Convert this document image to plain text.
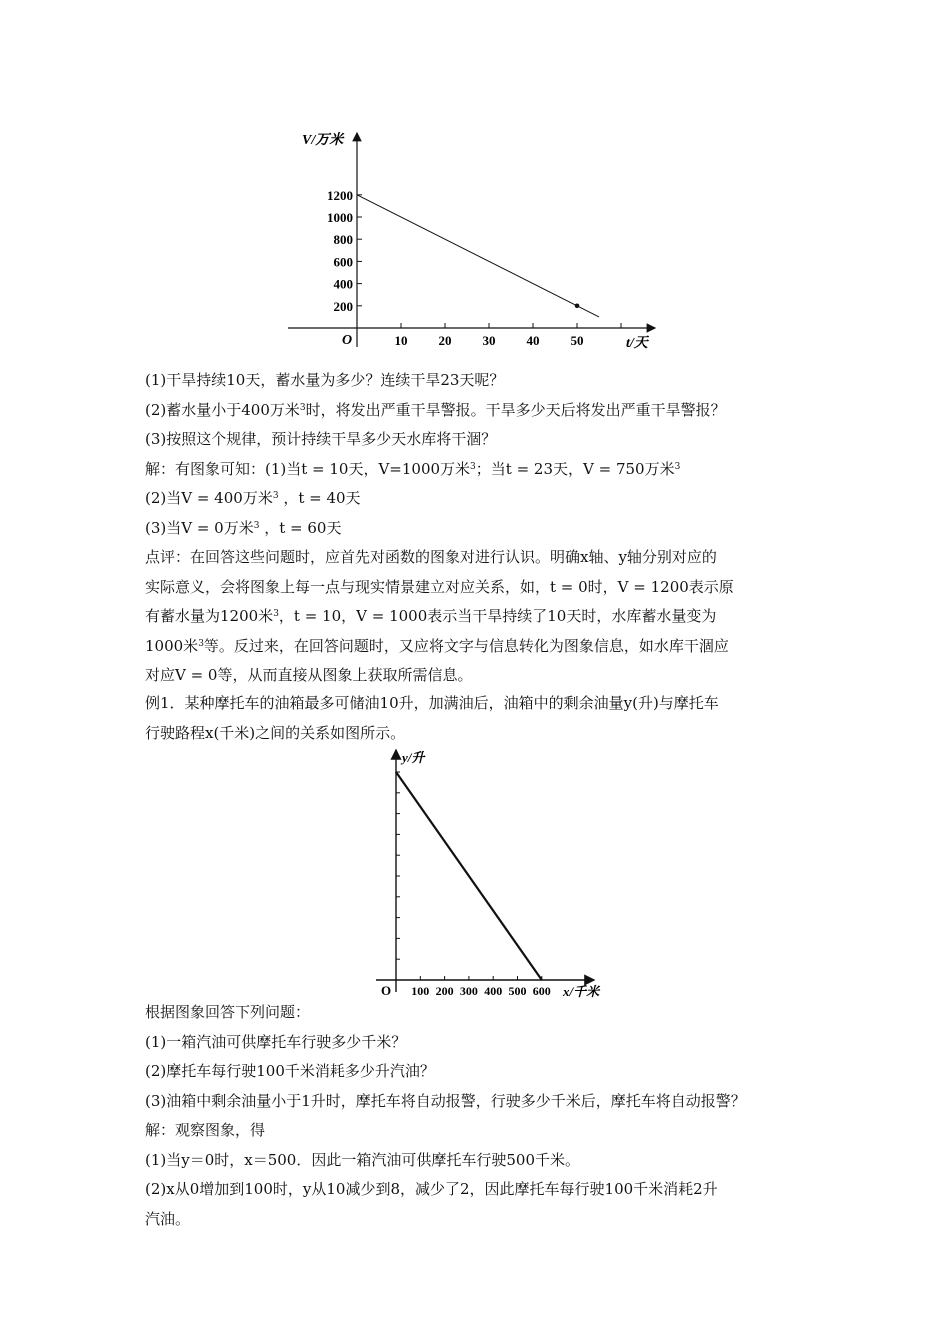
10 20 30 40 50
200
400
600
800
1000
1200
V/万米
t/天
O

(1)干旱持续10天，蓄水量为多少？连续干旱23天呢？

(2)蓄水量小于400万米$^3$时，将发出严重干旱警报。干旱多少天后将发出严重干旱警报？

(3)按照这个规律，预计持续干旱多少天水库将干涸？

解：有图象可知：(1)当t = 10天，V=1000万米$^3$；当t = 23天，V = 750万米$^3$

(2)当V = 400万米$^3$ ，t = 40天

(3)当V = 0万米$^3$ ，t = 60天

点评：在回答这些问题时，应首先对函数的图象对进行认识。明确x轴、y轴分别对应的

实际意义，会将图象上每一点与现实情景建立对应关系，如，t = 0时，V = 1200表示原

有蓄水量为1200米$^3$，t = 10，V = 1000表示当干旱持续了10天时，水库蓄水量变为

1000米$^3$等。反过来，在回答问题时，又应将文字与信息转化为图象信息，如水库干涸应

对应V = 0等，从而直接从图象上获取所需信息。

例1．某种摩托车的油箱最多可储油10升，加满油后，油箱中的剩余油量y(升)与摩托车

行驶路程x(千米)之间的关系如图所示。

100 200 300 400 500 600
y/升
x/千米
O

根据图象回答下列问题：

(1)一箱汽油可供摩托车行驶多少千米？

(2)摩托车每行驶100千米消耗多少升汽油？

(3)油箱中剩余油量小于1升时，摩托车将自动报警，行驶多少千米后，摩托车将自动报警？

解：观察图象，得

(1)当y＝0时，x＝500．因此一箱汽油可供摩托车行驶500千米。

(2)x从0增加到100时，y从10减少到8，减少了2，因此摩托车每行驶100千米消耗2升

汽油。
